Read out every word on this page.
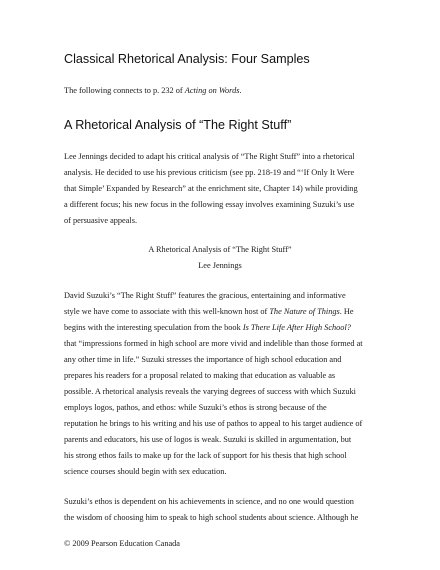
Classical Rhetorical Analysis: Four Samples
The following connects to p. 232 of Acting on Words.
A Rhetorical Analysis of “The Right Stuff”
Lee Jennings decided to adapt his critical analysis of “The Right Stuff” into a rhetorical
analysis. He decided to use his previous criticism (see pp. 218-19 and “‘If Only It Were
that Simple’ Expanded by Research” at the enrichment site, Chapter 14) while providing
a different focus; his new focus in the following essay involves examining Suzuki’s use
of persuasive appeals.
A Rhetorical Analysis of “The Right Stuff”
Lee Jennings
David Suzuki’s “The Right Stuff” features the gracious, entertaining and informative
style we have come to associate with this well-known host of The Nature of Things. He
begins with the interesting speculation from the book Is There Life After High School?
that “impressions formed in high school are more vivid and indelible than those formed at
any other time in life.” Suzuki stresses the importance of high school education and
prepares his readers for a proposal related to making that education as valuable as
possible. A rhetorical analysis reveals the varying degrees of success with which Suzuki
employs logos, pathos, and ethos: while Suzuki’s ethos is strong because of the
reputation he brings to his writing and his use of pathos to appeal to his target audience of
parents and educators, his use of logos is weak. Suzuki is skilled in argumentation, but
his strong ethos fails to make up for the lack of support for his thesis that high school
science courses should begin with sex education.
Suzuki’s ethos is dependent on his achievements in science, and no one would question
the wisdom of choosing him to speak to high school students about science. Although he
© 2009 Pearson Education Canada
